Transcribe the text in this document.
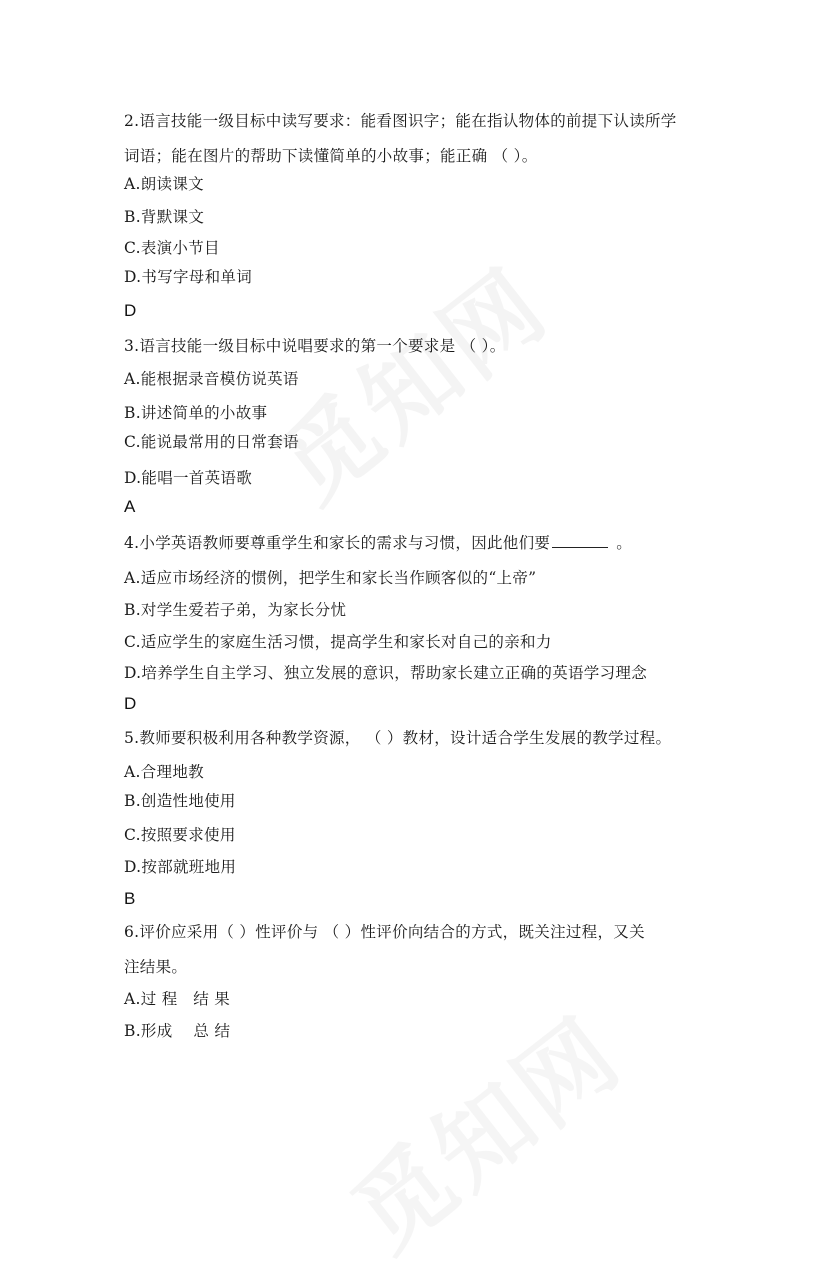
2.语言技能一级目标中读写要求：能看图识字；能在指认物体的前提下认读所学
词语；能在图片的帮助下读懂简单的小故事；能正确 （ ）。
A.朗读课文
B.背默课文
C.表演小节目
D.书写字母和单词
D
3.语言技能一级目标中说唱要求的第一个要求是 （ ）。
A.能根据录音模仿说英语
B.讲述简单的小故事
C.能说最常用的日常套语
D.能唱一首英语歌
A
4.小学英语教师要尊重学生和家长的需求与习惯，因此他们要	。
A.适应市场经济的惯例，把学生和家长当作顾客似的“上帝”
B.对学生爱若子弟，为家长分忧
C.适应学生的家庭生活习惯，提高学生和家长对自己的亲和力
D.培养学生自主学习、独立发展的意识，帮助家长建立正确的英语学习理念
D
5.教师要积极利用各种教学资源， （ ）教材，设计适合学生发展的教学过程。
A.合理地教
B.创造性地使用
C.按照要求使用
D.按部就班地用
B
6.评价应采用（ ）性评价与 （ ）性评价向结合的方式，既关注过程，又关
注结果。
A.过 程   结 果
B.形成    总 结
